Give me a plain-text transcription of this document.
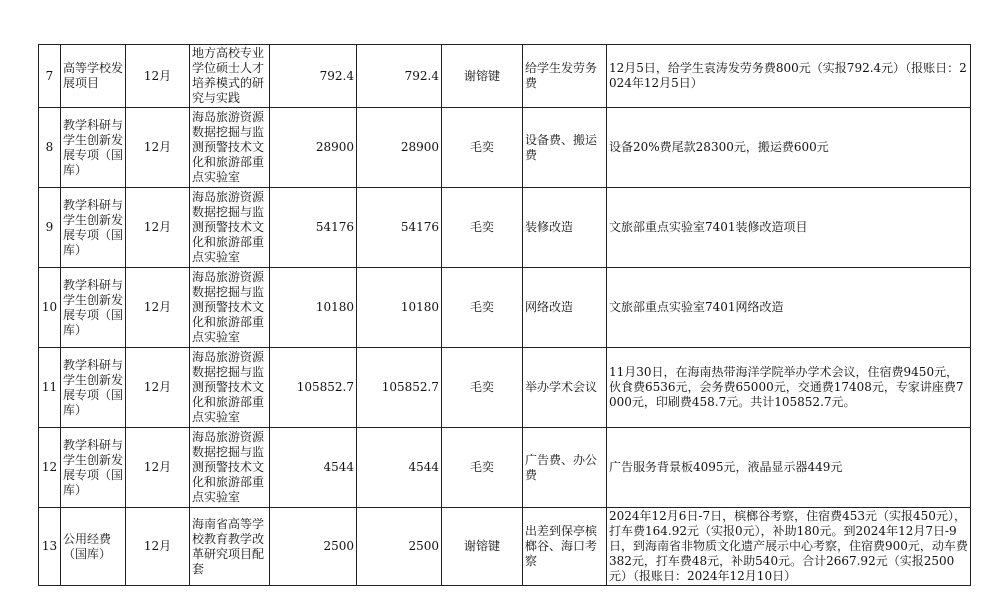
7	高等学校发展项目	12月	地方高校专业学位硕士人才培养模式的研究与实践	792.4	792.4	谢镕键	给学生发劳务费	12月5日，给学生袁涛发劳务费800元（实报792.4元）（报账日：2024年12月5日）
8	教学科研与学生创新发展专项（国库）	12月	海岛旅游资源数据挖掘与监测预警技术文化和旅游部重点实验室	28900	28900	毛奕	设备费、搬运费	设备20%费尾款28300元，搬运费600元
9	教学科研与学生创新发展专项（国库）	12月	海岛旅游资源数据挖掘与监测预警技术文化和旅游部重点实验室	54176	54176	毛奕	装修改造	文旅部重点实验室7401装修改造项目
10	教学科研与学生创新发展专项（国库）	12月	海岛旅游资源数据挖掘与监测预警技术文化和旅游部重点实验室	10180	10180	毛奕	网络改造	文旅部重点实验室7401网络改造
11	教学科研与学生创新发展专项（国库）	12月	海岛旅游资源数据挖掘与监测预警技术文化和旅游部重点实验室	105852.7	105852.7	毛奕	举办学术会议	11月30日，在海南热带海洋学院举办学术会议，住宿费9450元，伙食费6536元，会务费65000元，交通费17408元，专家讲座费7000元，印刷费458.7元。共计105852.7元。
12	教学科研与学生创新发展专项（国库）	12月	海岛旅游资源数据挖掘与监测预警技术文化和旅游部重点实验室	4544	4544	毛奕	广告费、办公费	广告服务背景板4095元，液晶显示器449元
13	公用经费（国库）	12月	海南省高等学校教育教学改革研究项目配套	2500	2500	谢镕键	出差到保亭槟榔谷、海口考察	2024年12月6日-7日，槟榔谷考察，住宿费453元（实报450元），打车费164.92元（实报0元），补助180元。到2024年12月7日-9日，到海南省非物质文化遗产展示中心考察，住宿费900元，动车费382元，打车费48元，补助540元。合计2667.92元（实报2500元）（报账日：2024年12月10日）
